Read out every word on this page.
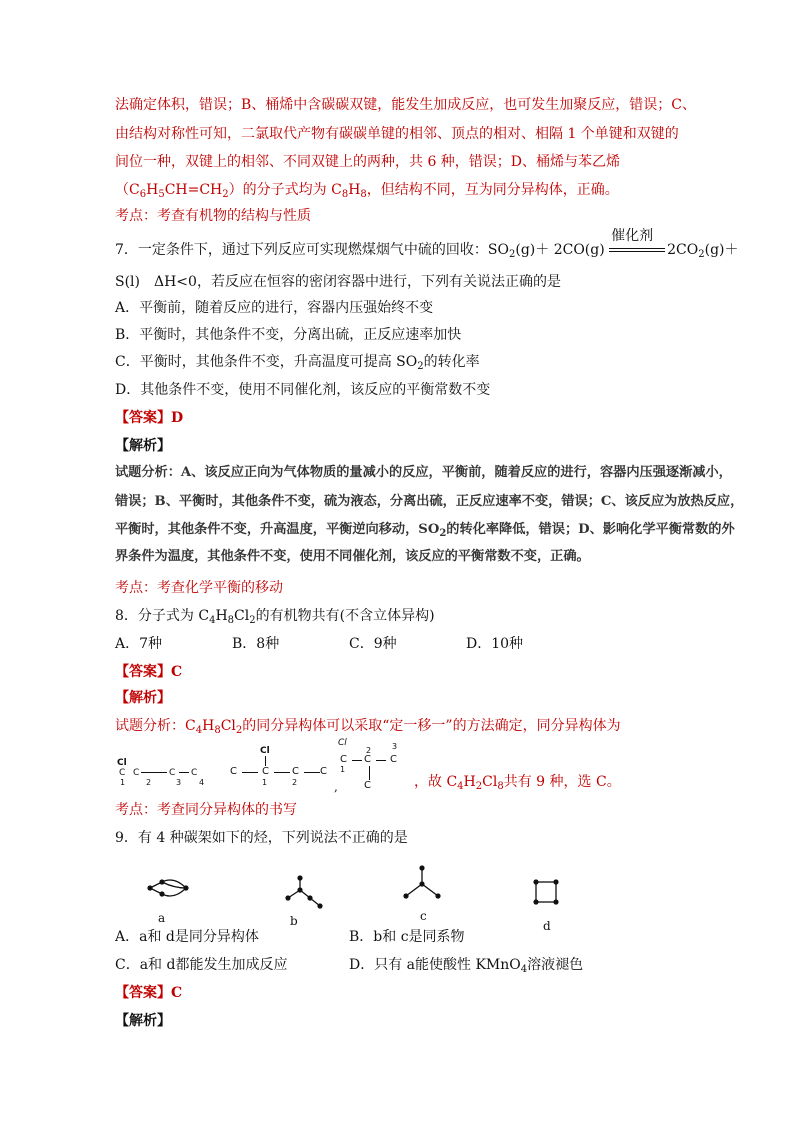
法确定体积，错误；B、桶烯中含碳碳双键，能发生加成反应，也可发生加聚反应，错误；C、
由结构对称性可知，二氯取代产物有碳碳单键的相邻、顶点的相对、相隔 1 个单键和双键的
间位一种，双键上的相邻、不同双键上的两种，共 6 种，错误；D、桶烯与苯乙烯
$(C_6H_5CH=CH_2)$的分子式均为 $C_8H_8$，但结构不同，互为同分异构体，正确。
考点：考查有机物的结构与性质
7．一定条件下，通过下列反应可实现燃煤烟气中硫的回收：$SO_2(g)+ 2CO(g)$
催化剂
$2CO_2(g)+$
S(l)　ΔH<0，若反应在恒容的密闭容器中进行，下列有关说法正确的是
A．平衡前，随着反应的进行，容器内压强始终不变
B．平衡时，其他条件不变，分离出硫，正反应速率加快
C．平衡时，其他条件不变，升高温度可提高 $SO_2$的转化率
D．其他条件不变，使用不同催化剂，该反应的平衡常数不变
【答案】D
【解析】
试题分析：A、该反应正向为气体物质的量减小的反应，平衡前，随着反应的进行，容器内压强逐渐减小，
错误；B、平衡时，其他条件不变，硫为液态，分离出硫，正反应速率不变，错误；C、该反应为放热反应，
平衡时，其他条件不变，升高温度，平衡逆向移动，$SO_2$的转化率降低，错误；D、影响化学平衡常数的外
界条件为温度，其他条件不变，使用不同催化剂，该反应的平衡常数不变，正确。
考点：考查化学平衡的移动
8．分子式为 $C_4H_8Cl_2$的有机物共有(不含立体异构)
A．7种	B．8种	C．9种	D．10种
【答案】C
【解析】
试题分析：$C_4H_8Cl_2$的同分异构体可以采取“定一移一”的方法确定，同分异构体为
Cl
C C	C C
1	2	3 4
Cl
C	C C C
1	2	,
Cl
2	3
C C C
1
C	，故 $C_4H_2Cl_8$共有 9 种，选 C。
考点：考查同分异构体的书写
9．有 4 种碳架如下的烃，下列说法不正确的是
a	b	c
d
A．a和 d是同分异构体	B．b和 c是同系物
C．a和 d都能发生加成反应	D．只有 a能使酸性 KMnO$_4$溶液褪色
【答案】C
【解析】
